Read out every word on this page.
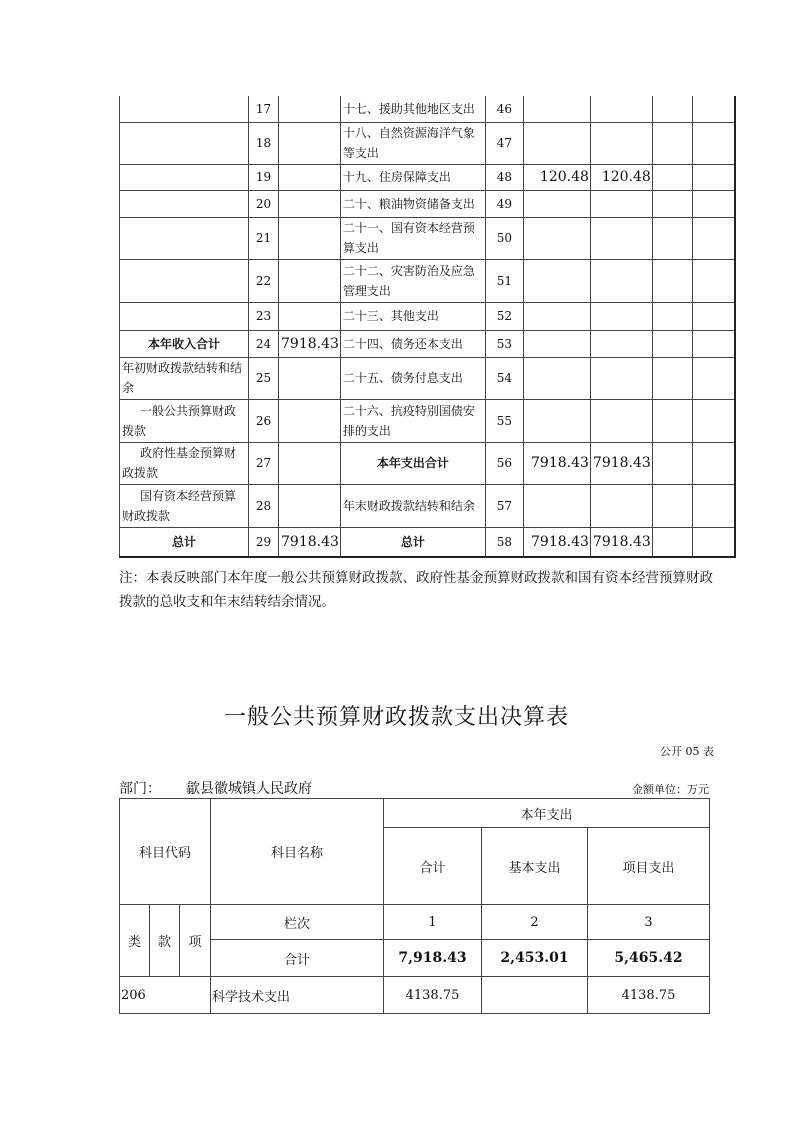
	17		十七、援助其他地区支出	46				
	18		十八、自然资源海洋气象等支出	47				
	19		十九、住房保障支出	48	120.48	120.48		
	20		二十、粮油物资储备支出	49				
	21		二十一、国有资本经营预算支出	50				
	22		二十二、灾害防治及应急管理支出	51				
	23		二十三、其他支出	52				
本年收入合计	24	7918.43	二十四、债务还本支出	53				
年初财政拨款结转和结余	25		二十五、债务付息支出	54				
一般公共预算财政拨款	26		二十六、抗疫特别国债安排的支出	55				
政府性基金预算财政拨款	27		本年支出合计	56	7918.43	7918.43		
国有资本经营预算财政拨款	28		年末财政拨款结转和结余	57				
总计	29	7918.43	总计	58	7918.43	7918.43		
注：本表反映部门本年度一般公共预算财政拨款、政府性基金预算财政拨款和国有资本经营预算财政拨款的总收支和年末结转结余情况。
一般公共预算财政拨款支出决算表
公开 05 表
部门： 歙县徽城镇人民政府	金额单位：万元
科目代码			科目名称	本年支出		
				合计	基本支出	项目支出
类	款	项	栏次	1	2	3
			合计	7,918.43	2,453.01	5,465.42
206			科学技术支出	4138.75		4138.75
